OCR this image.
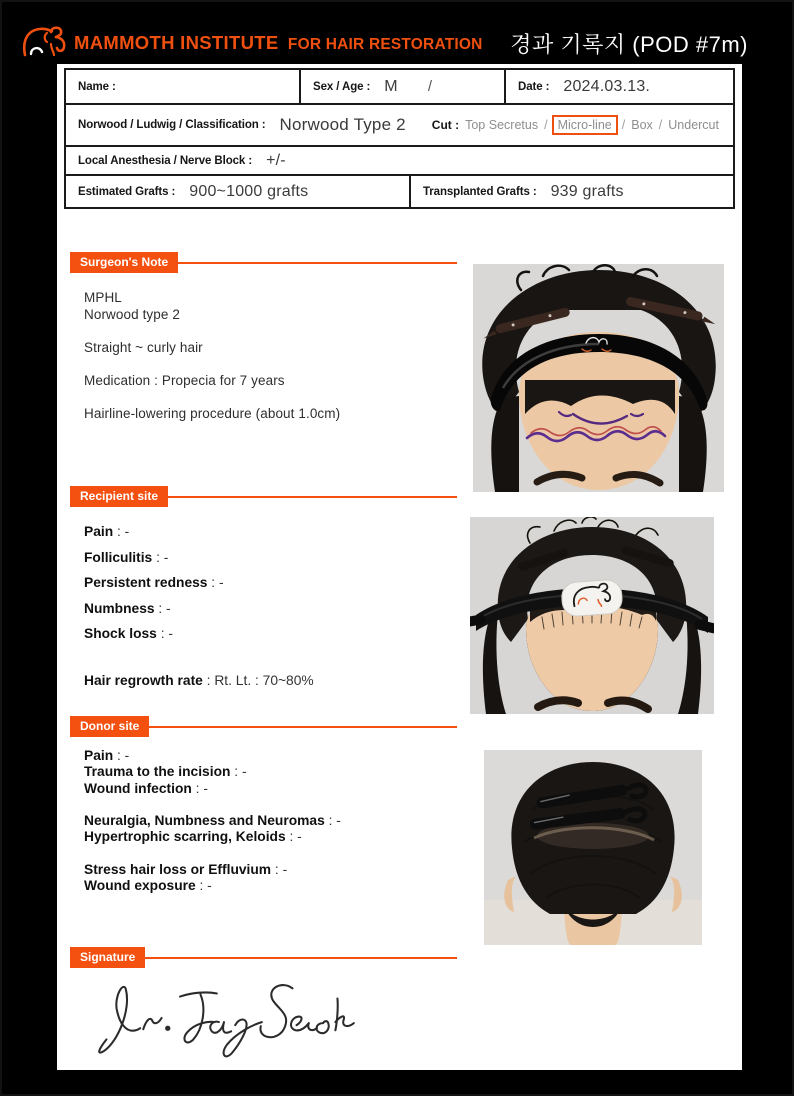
MAMMOTH INSTITUTE FOR HAIR RESTORATION 경과 기록지 (POD #7m)
Name :	Sex / Age : M /	Date : 2024.03.13.
Norwood / Ludwig / Classification : Norwood Type 2 Cut : Top Secretus / Micro-line / Box / Undercut
Local Anesthesia / Nerve Block : +/-
Estimated Grafts : 900~1000 grafts	Transplanted Grafts : 939 grafts
Surgeon's Note
MPHL
Norwood type 2
Straight ~ curly hair
Medication : Propecia for 7 years
Hairline-lowering procedure (about 1.0cm)
Recipient site
Pain : -
Folliculitis : -
Persistent redness : -
Numbness : -
Shock loss : -
Hair regrowth rate : Rt. Lt. : 70~80%
Donor site
Pain : -
Trauma to the incision : -
Wound infection : -
Neuralgia, Numbness and Neuromas : -
Hypertrophic scarring, Keloids : -
Stress hair loss or Effluvium : -
Wound exposure : -
Signature
